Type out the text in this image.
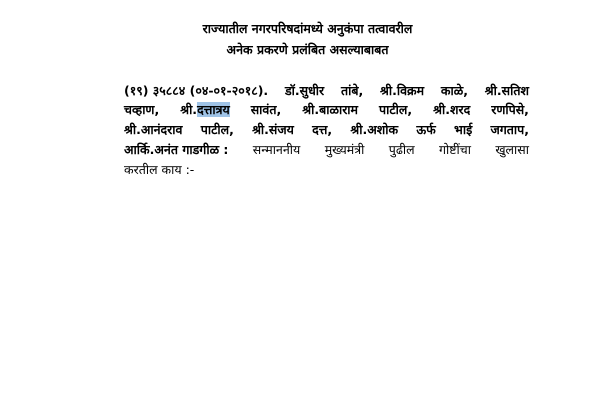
राज्यातील नगरपरिषदांमध्ये अनुकंपा तत्वावरील
अनेक प्रकरणे प्रलंबित असल्याबाबत
(१९) ३५८८४ (०४-०१-२०१८). डॉ.सुधीर तांबे, श्री.विक्रम काळे, श्री.सतिश
चव्हाण, श्री.दत्तात्रय सावंत, श्री.बाळाराम पाटील, श्री.शरद रणपिसे,
श्री.आनंदराव पाटील, श्री.संजय दत्त, श्री.अशोक ऊर्फ भाई जगताप,
आर्कि.अनंत गाडगीळ : सन्माननीय मुख्यमंत्री पुढील गोष्टींचा खुलासा
करतील काय :-
